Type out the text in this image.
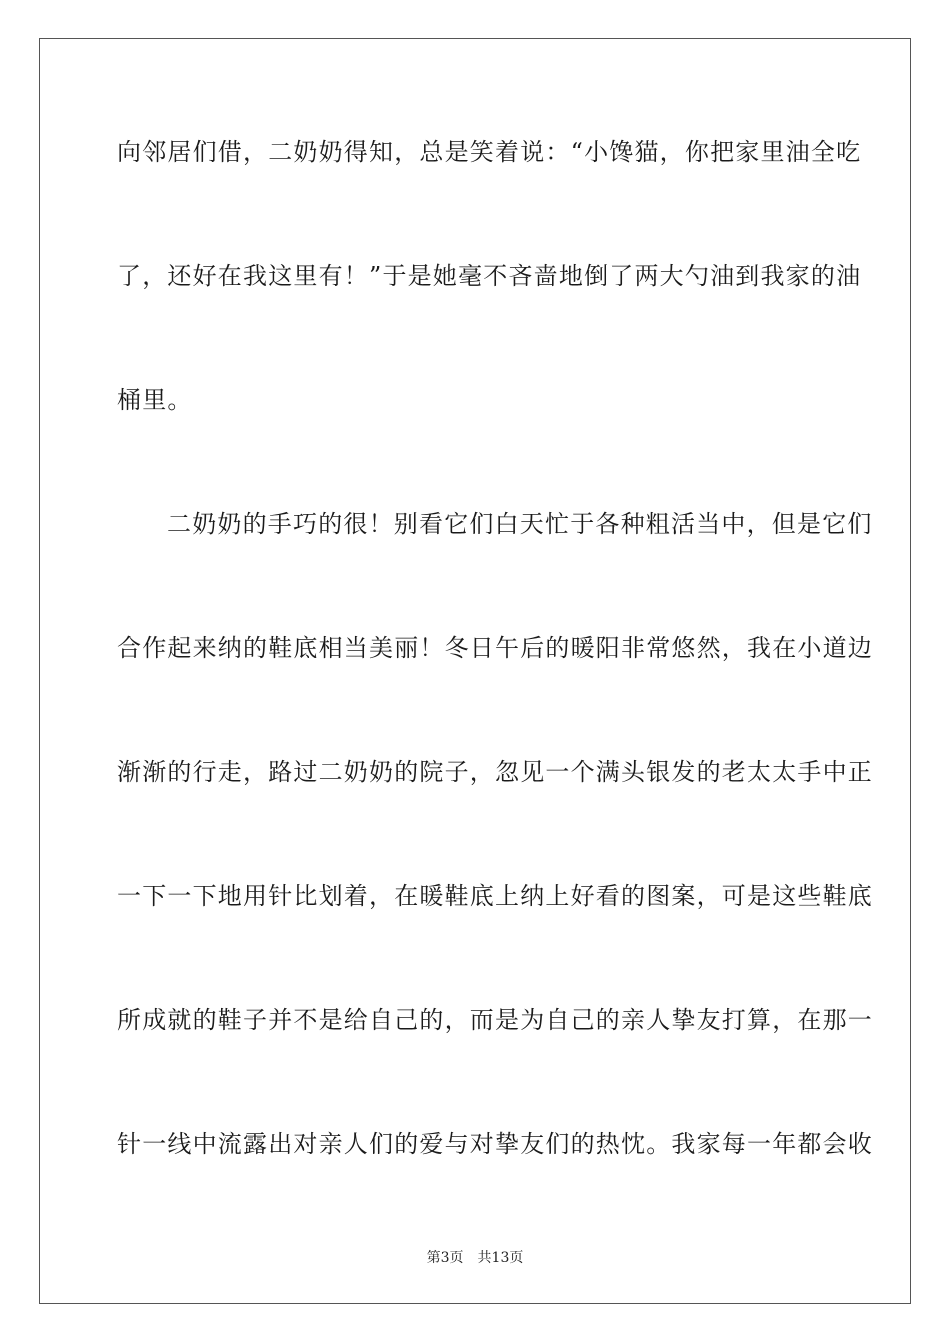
向邻居们借，二奶奶得知，总是笑着说：“小馋猫，你把家里油全吃
了，还好在我这里有！”于是她毫不吝啬地倒了两大勺油到我家的油
桶里。
二奶奶的手巧的很！别看它们白天忙于各种粗活当中，但是它们
合作起来纳的鞋底相当美丽！冬日午后的暖阳非常悠然，我在小道边
渐渐的行走，路过二奶奶的院子，忽见一个满头银发的老太太手中正
一下一下地用针比划着，在暖鞋底上纳上好看的图案，可是这些鞋底
所成就的鞋子并不是给自己的，而是为自己的亲人挚友打算，在那一
针一线中流露出对亲人们的爱与对挚友们的热忱。我家每一年都会收
第3页　共13页
